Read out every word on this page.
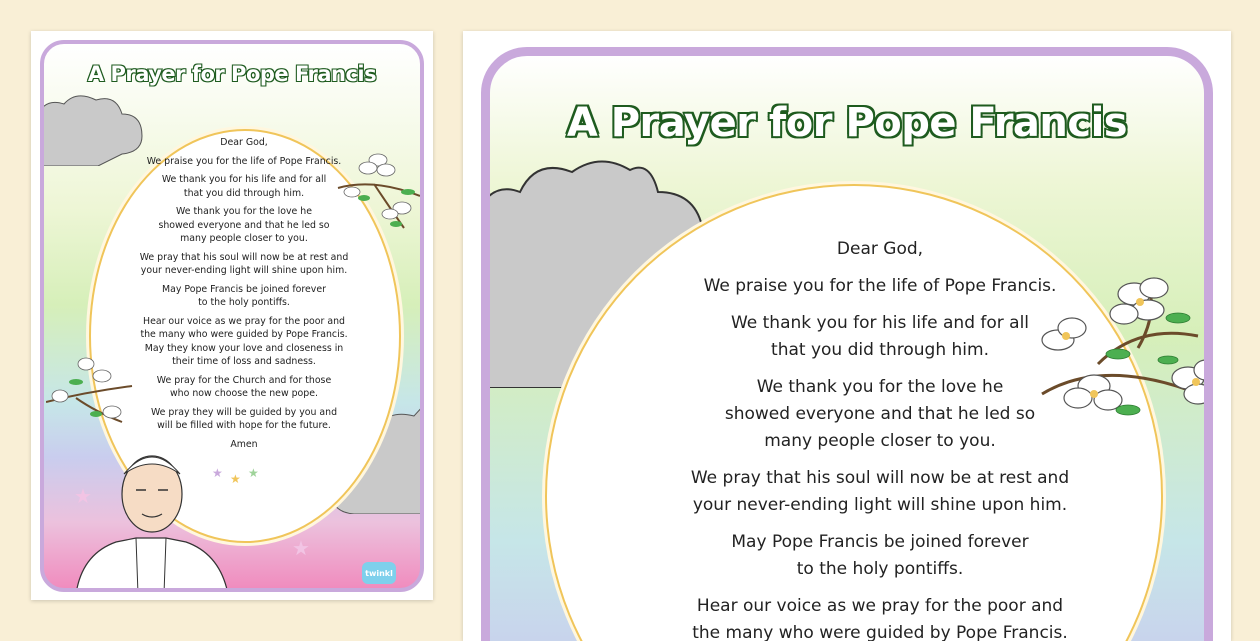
A Prayer for Pope Francis

Dear God,

We praise you for the life of Pope Francis.

We thank you for his life and for all
that you did through him.

We thank you for the love he
showed everyone and that he led so
many people closer to you.

We pray that his soul will now be at rest and
your never-ending light will shine upon him.

May Pope Francis be joined forever
to the holy pontiffs.

Hear our voice as we pray for the poor and
the many who were guided by Pope Francis.
May they know your love and closeness in
their time of loss and sadness.

We pray for the Church and for those
who now choose the new pope.

We pray they will be guided by you and
will be filled with hope for the future.

Amen

★ ★ ★
★
★
twinkl
A Prayer for Pope Francis

Dear God,

We praise you for the life of Pope Francis.

We thank you for his life and for all
that you did through him.

We thank you for the love he
showed everyone and that he led so
many people closer to you.

We pray that his soul will now be at rest and
your never-ending light will shine upon him.

May Pope Francis be joined forever
to the holy pontiffs.

Hear our voice as we pray for the poor and
the many who were guided by Pope Francis.
